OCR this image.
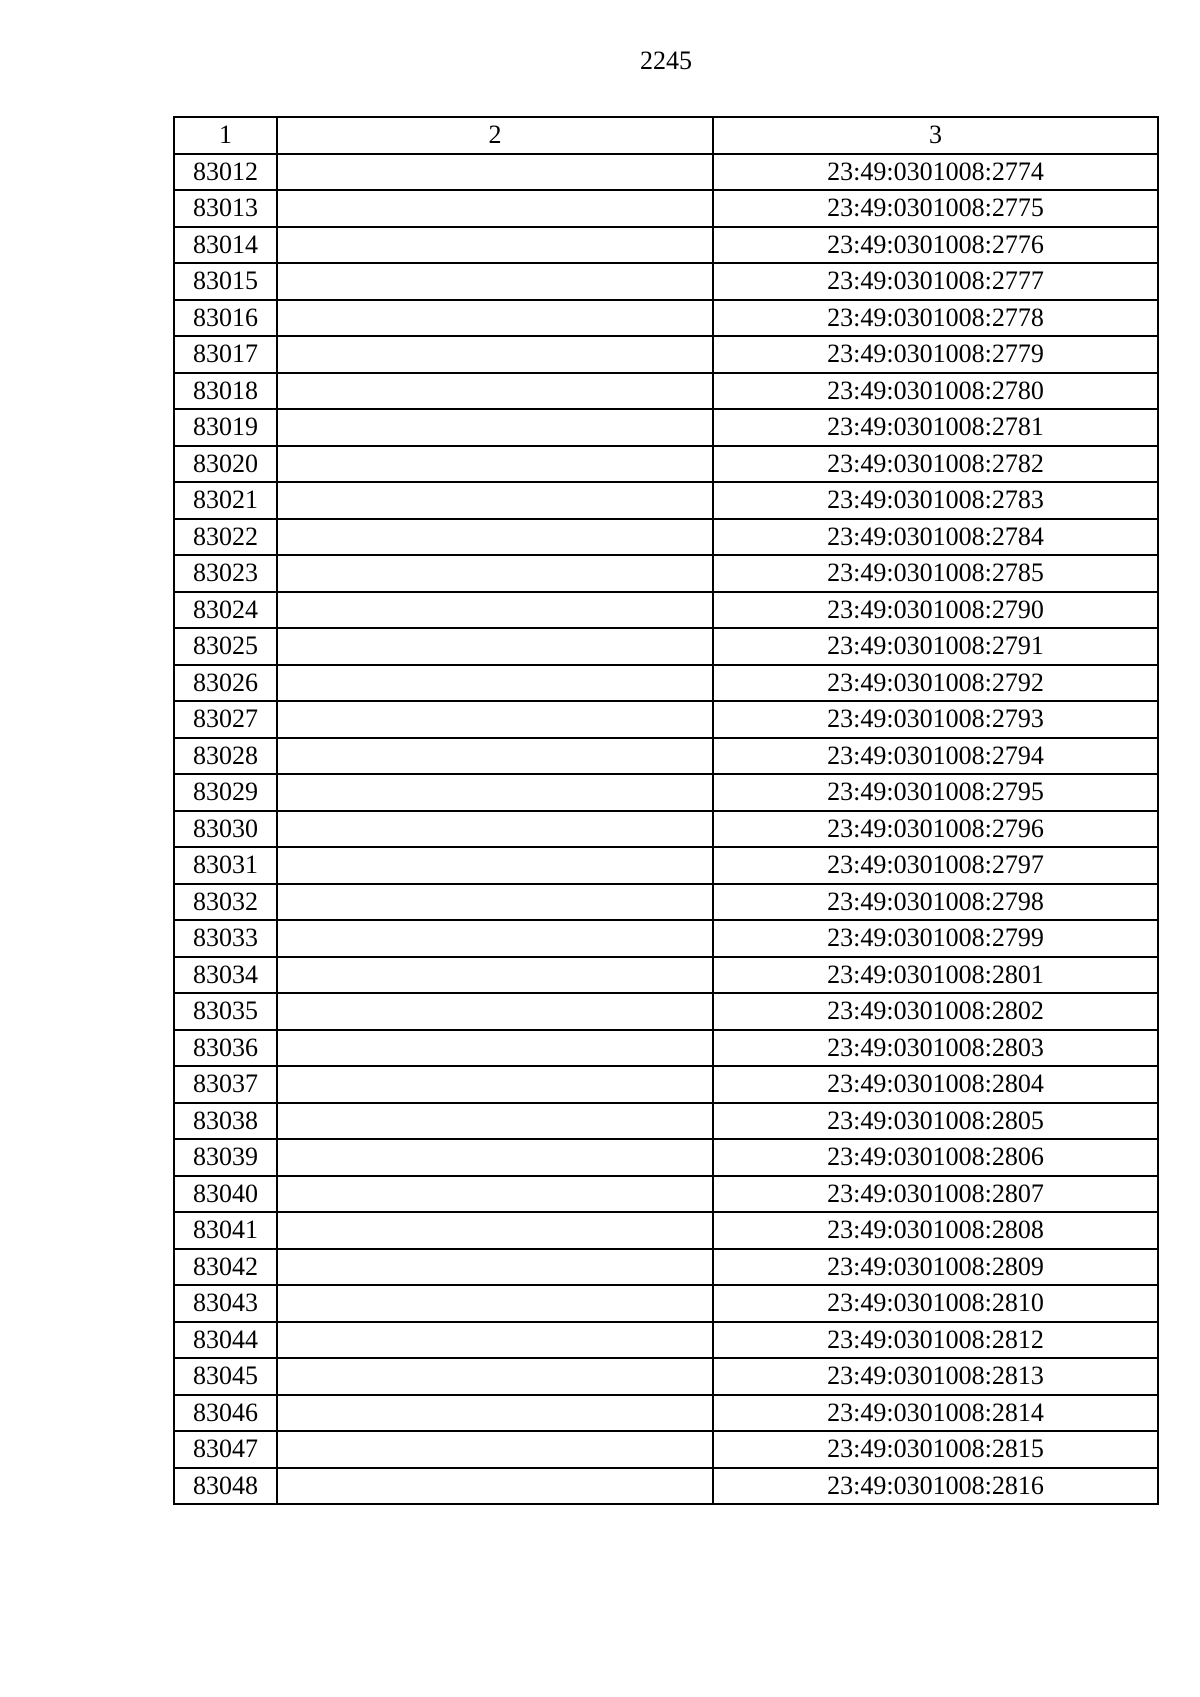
2245
1	2	3
83012		23:49:0301008:2774
83013		23:49:0301008:2775
83014		23:49:0301008:2776
83015		23:49:0301008:2777
83016		23:49:0301008:2778
83017		23:49:0301008:2779
83018		23:49:0301008:2780
83019		23:49:0301008:2781
83020		23:49:0301008:2782
83021		23:49:0301008:2783
83022		23:49:0301008:2784
83023		23:49:0301008:2785
83024		23:49:0301008:2790
83025		23:49:0301008:2791
83026		23:49:0301008:2792
83027		23:49:0301008:2793
83028		23:49:0301008:2794
83029		23:49:0301008:2795
83030		23:49:0301008:2796
83031		23:49:0301008:2797
83032		23:49:0301008:2798
83033		23:49:0301008:2799
83034		23:49:0301008:2801
83035		23:49:0301008:2802
83036		23:49:0301008:2803
83037		23:49:0301008:2804
83038		23:49:0301008:2805
83039		23:49:0301008:2806
83040		23:49:0301008:2807
83041		23:49:0301008:2808
83042		23:49:0301008:2809
83043		23:49:0301008:2810
83044		23:49:0301008:2812
83045		23:49:0301008:2813
83046		23:49:0301008:2814
83047		23:49:0301008:2815
83048		23:49:0301008:2816
